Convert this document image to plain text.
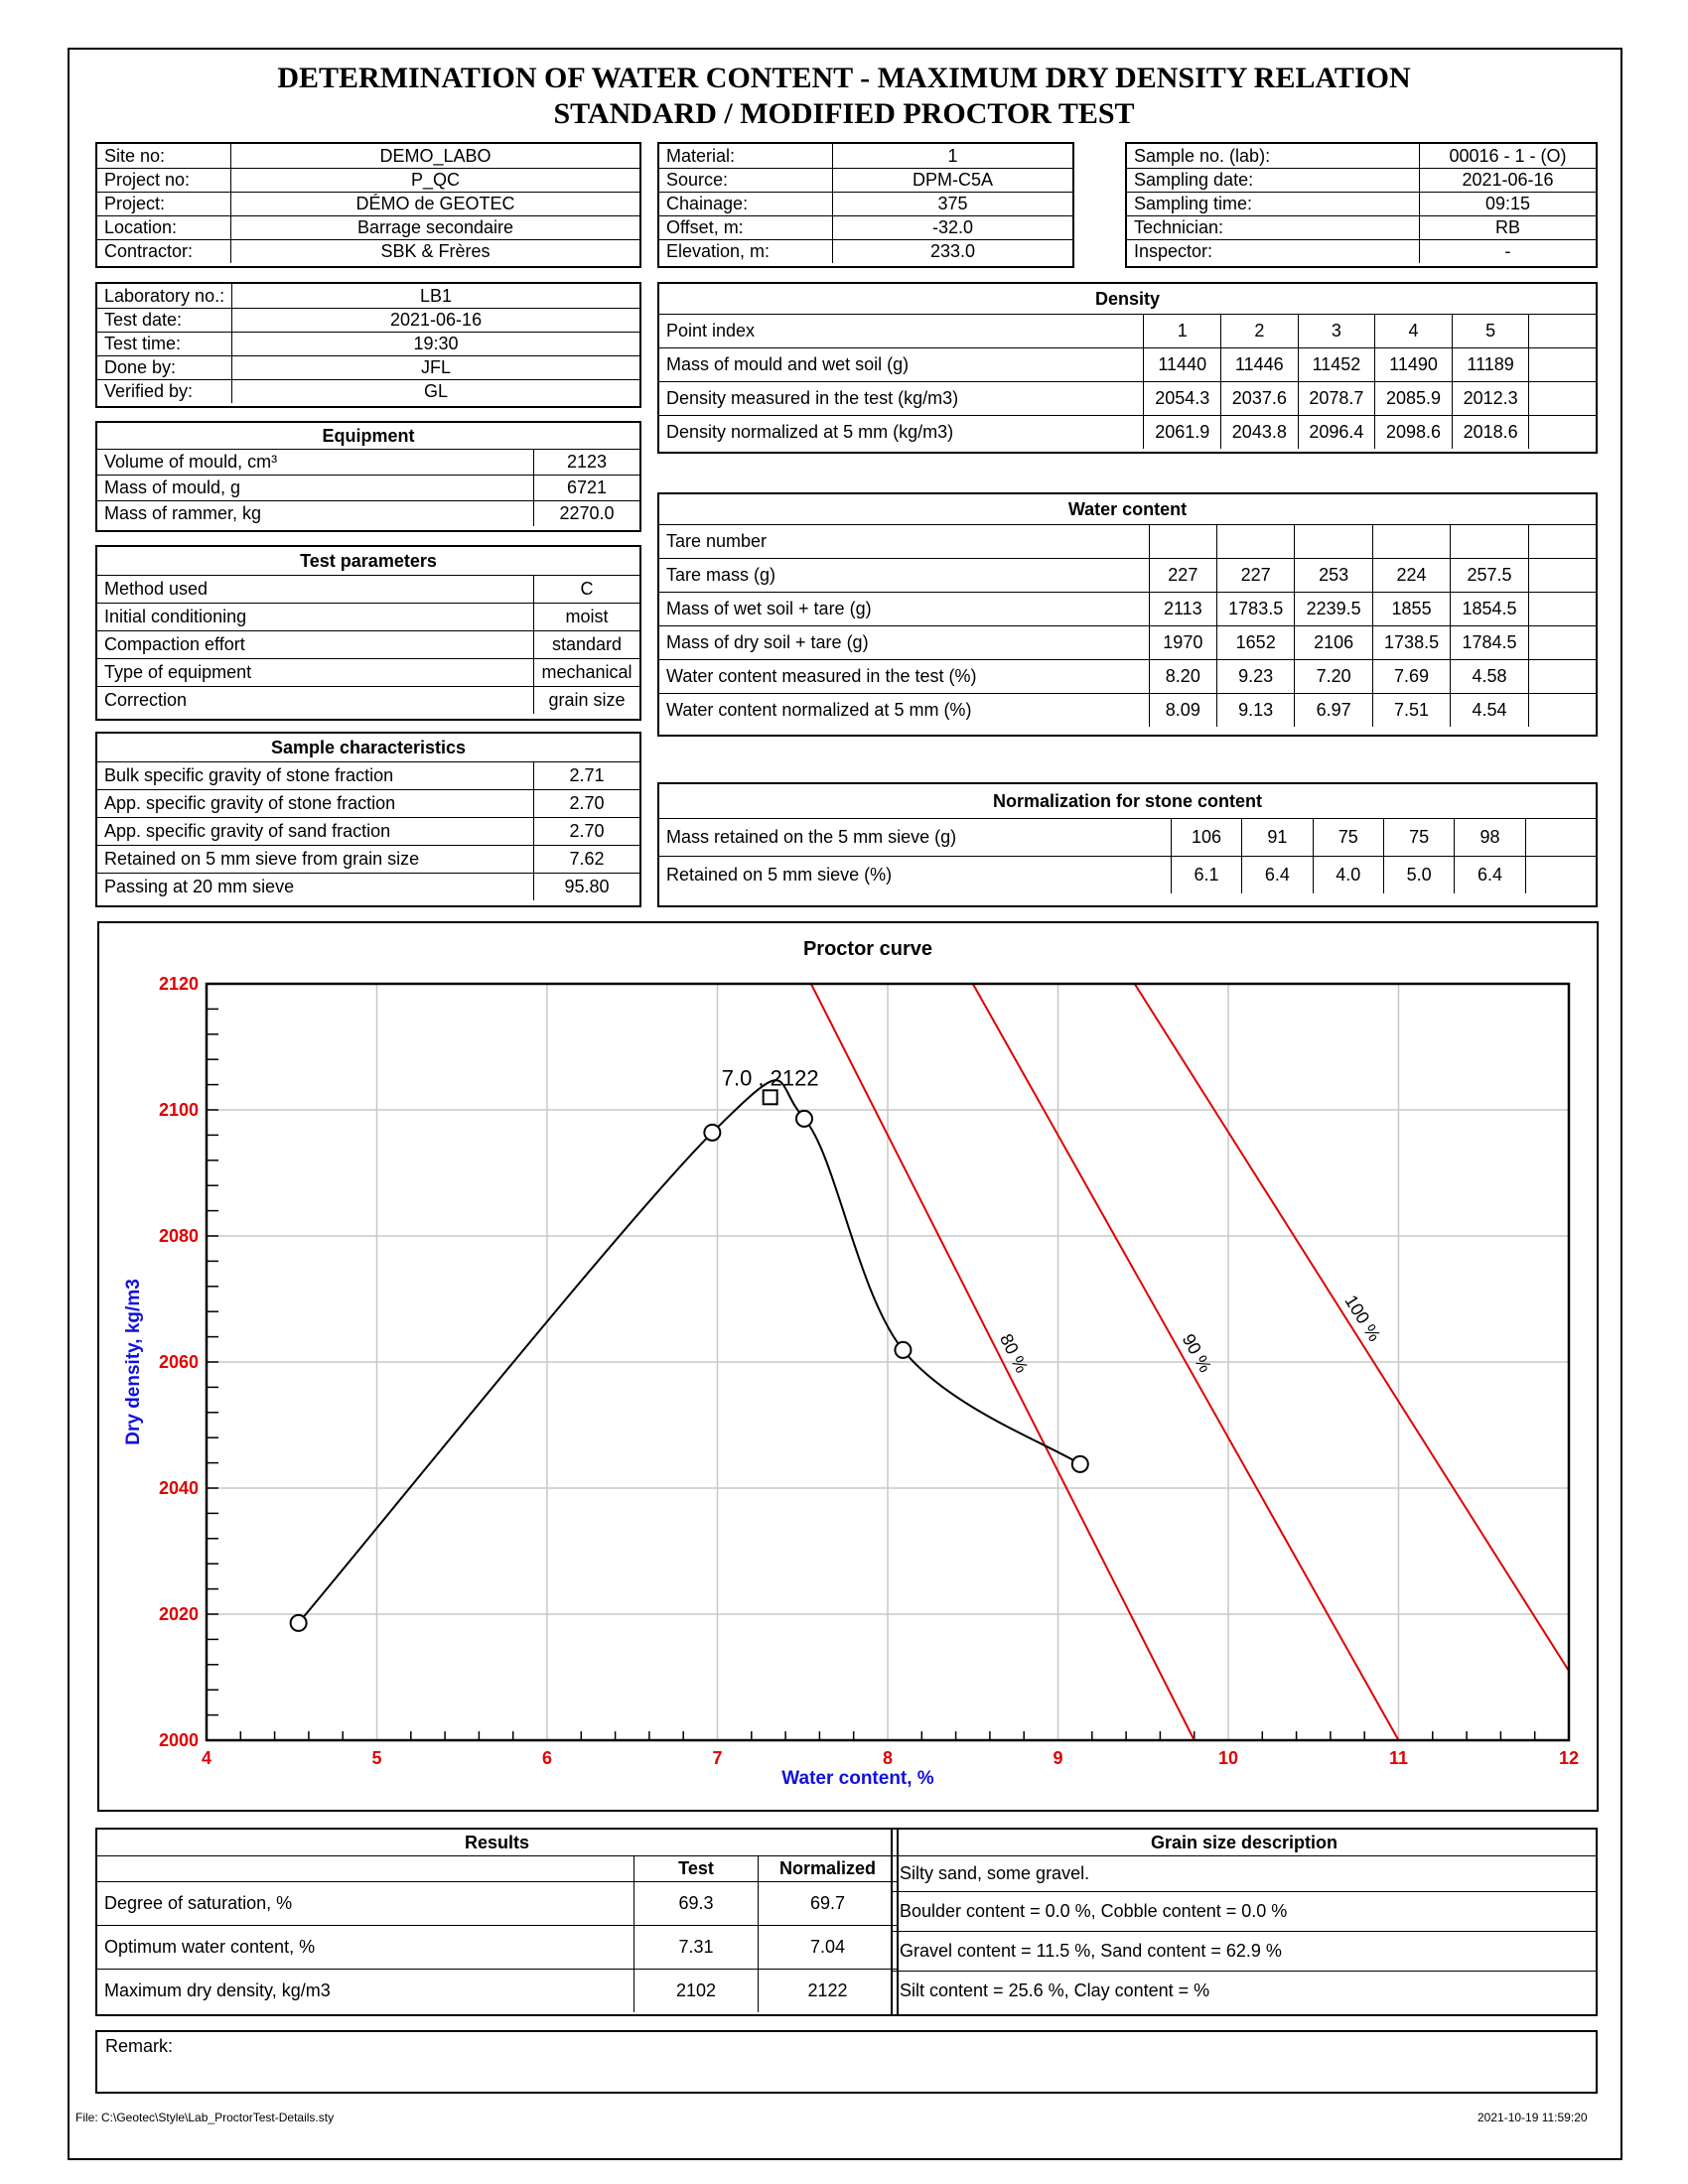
DETERMINATION OF WATER CONTENT - MAXIMUM DRY DENSITY RELATION
STANDARD / MODIFIED PROCTOR TEST
Site no:	DEMO_LABO
Project no:	P_QC
Project:	DÉMO de GEOTEC
Location:	Barrage secondaire
Contractor:	SBK & Frères
Material:	1
Source:	DPM-C5A
Chainage:	375
Offset, m:	-32.0
Elevation, m:	233.0
Sample no. (lab):	00016 - 1 - (O)
Sampling date:	2021-06-16
Sampling time:	09:15
Technician:	RB
Inspector:	-
Laboratory no.:	LB1
Test date:	2021-06-16
Test time:	19:30
Done by:	JFL
Verified by:	GL
Equipment	
Volume of mould, cm³	2123
Mass of mould, g	6721
Mass of rammer, kg	2270.0
Test parameters	
Method used	C
Initial conditioning	moist
Compaction effort	standard
Type of equipment	mechanical
Correction	grain size
Sample characteristics	
Bulk specific gravity of stone fraction	2.71
App. specific gravity of stone fraction	2.70
App. specific gravity of sand fraction	2.70
Retained on 5 mm sieve from grain size	7.62
Passing at 20 mm sieve	95.80
Density						
Point index	1	2	3	4	5	
Mass of mould and wet soil (g)	11440	11446	11452	11490	11189	
Density measured in the test (kg/m3)	2054.3	2037.6	2078.7	2085.9	2012.3	
Density normalized at 5 mm (kg/m3)	2061.9	2043.8	2096.4	2098.6	2018.6	
Water content						
Tare number						
Tare mass (g)	227	227	253	224	257.5	
Mass of wet soil + tare (g)	2113	1783.5	2239.5	1855	1854.5	
Mass of dry soil + tare (g)	1970	1652	2106	1738.5	1784.5	
Water content measured in the test (%)	8.20	9.23	7.20	7.69	4.58	
Water content normalized at 5 mm (%)	8.09	9.13	6.97	7.51	4.54	
Normalization for stone content						
Mass retained on the 5 mm sieve (g)	106	91	75	75	98	
Retained on 5 mm sieve (%)	6.1	6.4	4.0	5.0	6.4	
Proctor curve
80 %	90 %
100 %
7.0 , 2122
4	5	6	7	8	9	10	11	12
2000
2020
2040
2060
2080
2100
2120
Water content, %
Dry density, kg/m3
Results		
	Test	Normalized
Degree of saturation, %	69.3	69.7
Optimum water content, %	7.31	7.04
Maximum dry density, kg/m3	2102	2122
Grain size description
Silty sand, some gravel.
Boulder content = 0.0 %, Cobble content = 0.0 %
Gravel content = 11.5 %, Sand content = 62.9 %
Silt content = 25.6 %, Clay content = %
Remark:
File: C:\Geotec\Style\Lab_ProctorTest-Details.sty	2021-10-19 11:59:20
